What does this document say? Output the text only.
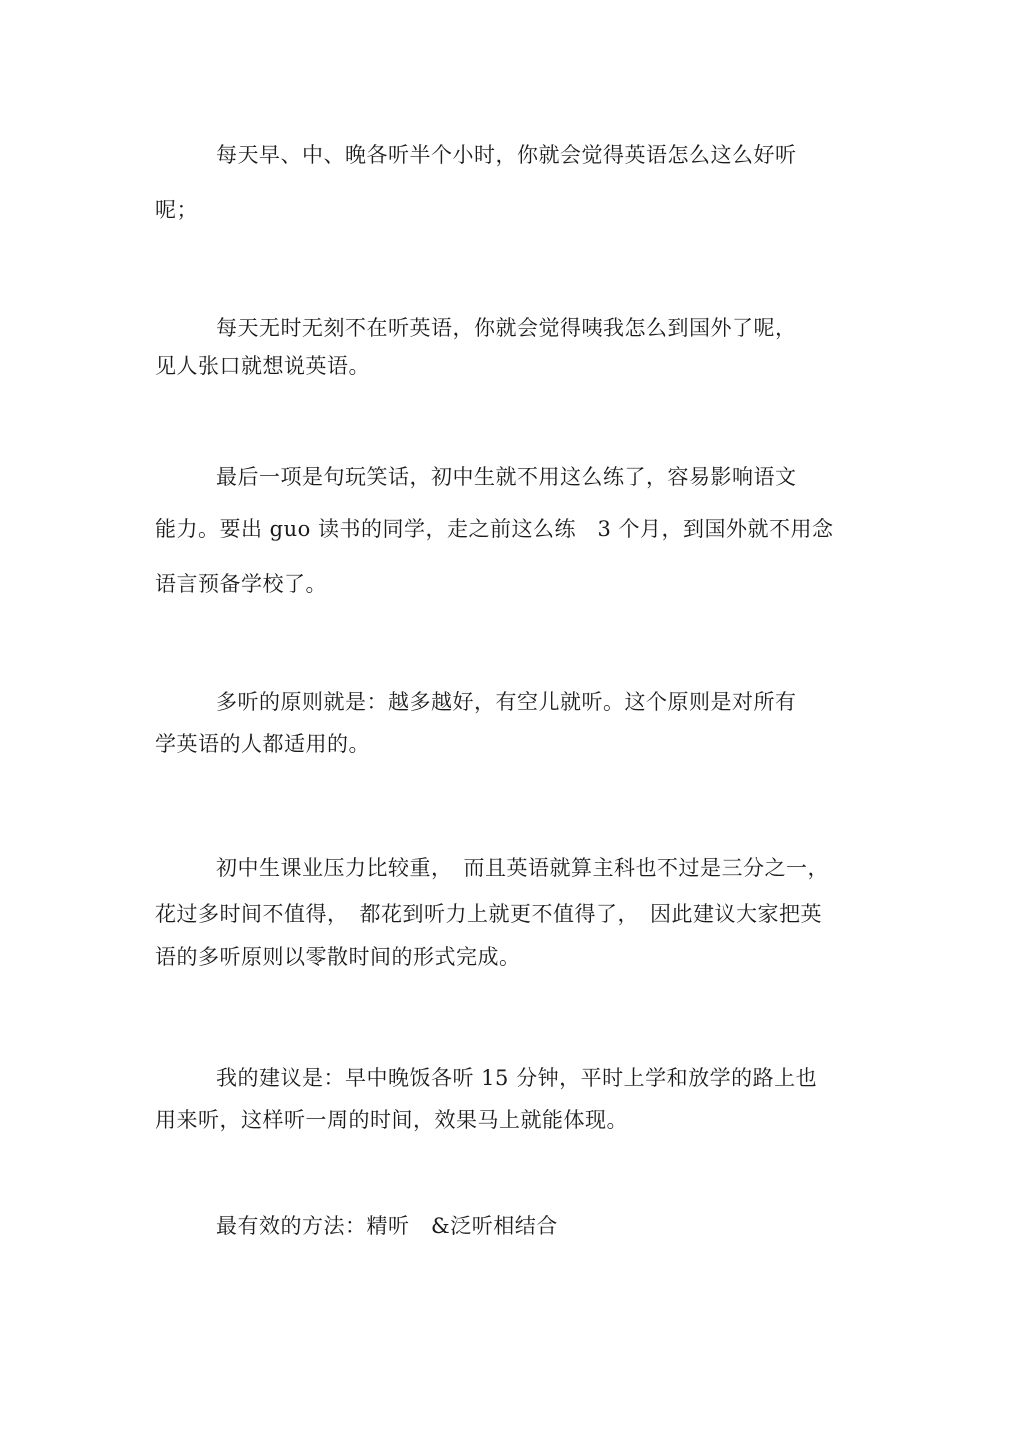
每天早、中、晚各听半个小时，你就会觉得英语怎么这么好听
呢；
每天无时无刻不在听英语，你就会觉得咦我怎么到国外了呢，
见人张口就想说英语。
最后一项是句玩笑话，初中生就不用这么练了，容易影响语文
能力。要出 guo 读书的同学，走之前这么练　3 个月，到国外就不用念
语言预备学校了。
多听的原则就是：越多越好，有空儿就听。这个原则是对所有
学英语的人都适用的。
初中生课业压力比较重，　而且英语就算主科也不过是三分之一，
花过多时间不值得，　都花到听力上就更不值得了，　因此建议大家把英
语的多听原则以零散时间的形式完成。
我的建议是：早中晚饭各听 15 分钟，平时上学和放学的路上也
用来听，这样听一周的时间，效果马上就能体现。
最有效的方法：精听　&泛听相结合
